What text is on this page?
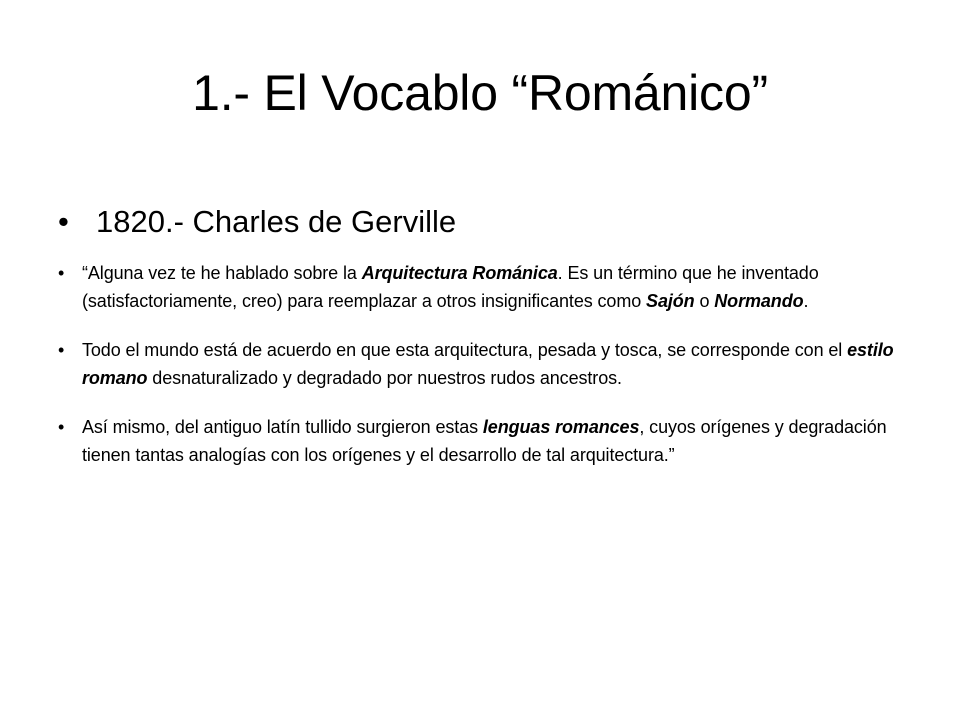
1.- El Vocablo “Románico”
• 1820.- Charles de Gerville
• “Alguna vez te he hablado sobre la Arquitectura Románica. Es un término que he inventado (satisfactoriamente, creo) para reemplazar a otros insignificantes como Sajón o Normando.
• Todo el mundo está de acuerdo en que esta arquitectura, pesada y tosca, se corresponde con el estilo romano desnaturalizado y degradado por nuestros rudos ancestros.
• Así mismo, del antiguo latín tullido surgieron estas lenguas romances, cuyos orígenes y degradación tienen tantas analogías con los orígenes y el desarrollo de tal arquitectura.”
